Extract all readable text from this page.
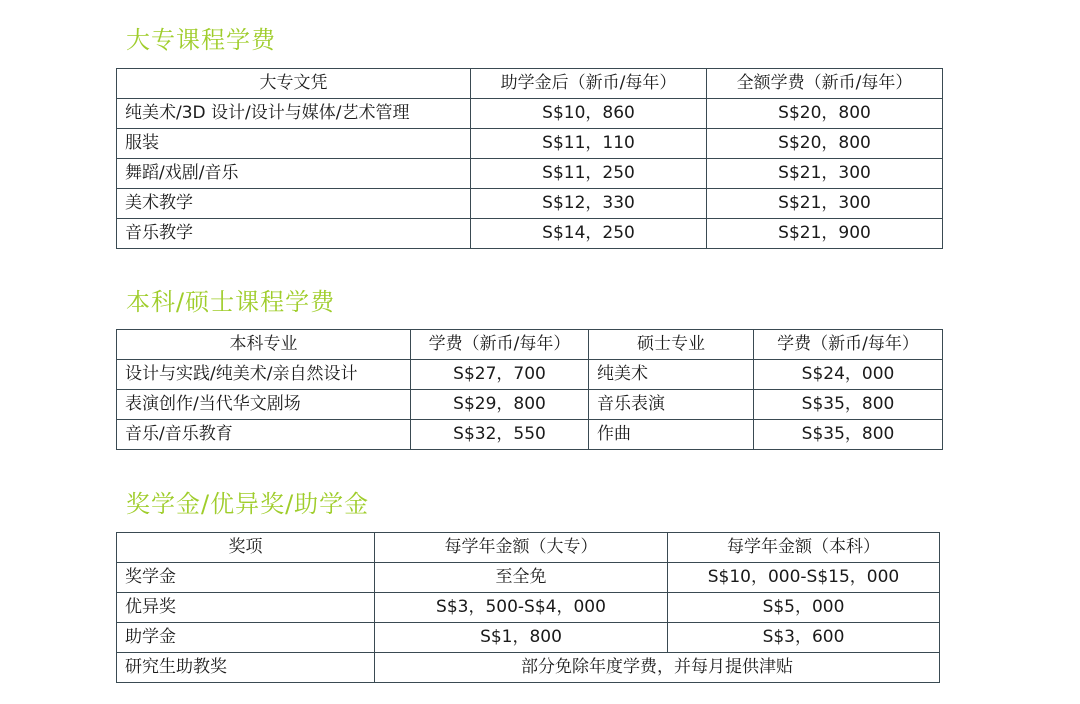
大专课程学费
大专文凭	助学金后（新币/每年）	全额学费（新币/每年）
纯美术/3D 设计/设计与媒体/艺术管理	S$10，860	S$20，800
服装	S$11，110	S$20，800
舞蹈/戏剧/音乐	S$11，250	S$21，300
美术教学	S$12，330	S$21，300
音乐教学	S$14，250	S$21，900
本科/硕士课程学费
本科专业	学费（新币/每年）	硕士专业	学费（新币/每年）
设计与实践/纯美术/亲自然设计	S$27，700	纯美术	S$24，000
表演创作/当代华文剧场	S$29，800	音乐表演	S$35，800
音乐/音乐教育	S$32，550	作曲	S$35，800
奖学金/优异奖/助学金
奖项	每学年金额（大专）	每学年金额（本科）
奖学金	至全免	S$10，000-S$15，000
优异奖	S$3，500-S$4，000	S$5，000
助学金	S$1，800	S$3，600
研究生助教奖	部分免除年度学费，并每月提供津贴	
